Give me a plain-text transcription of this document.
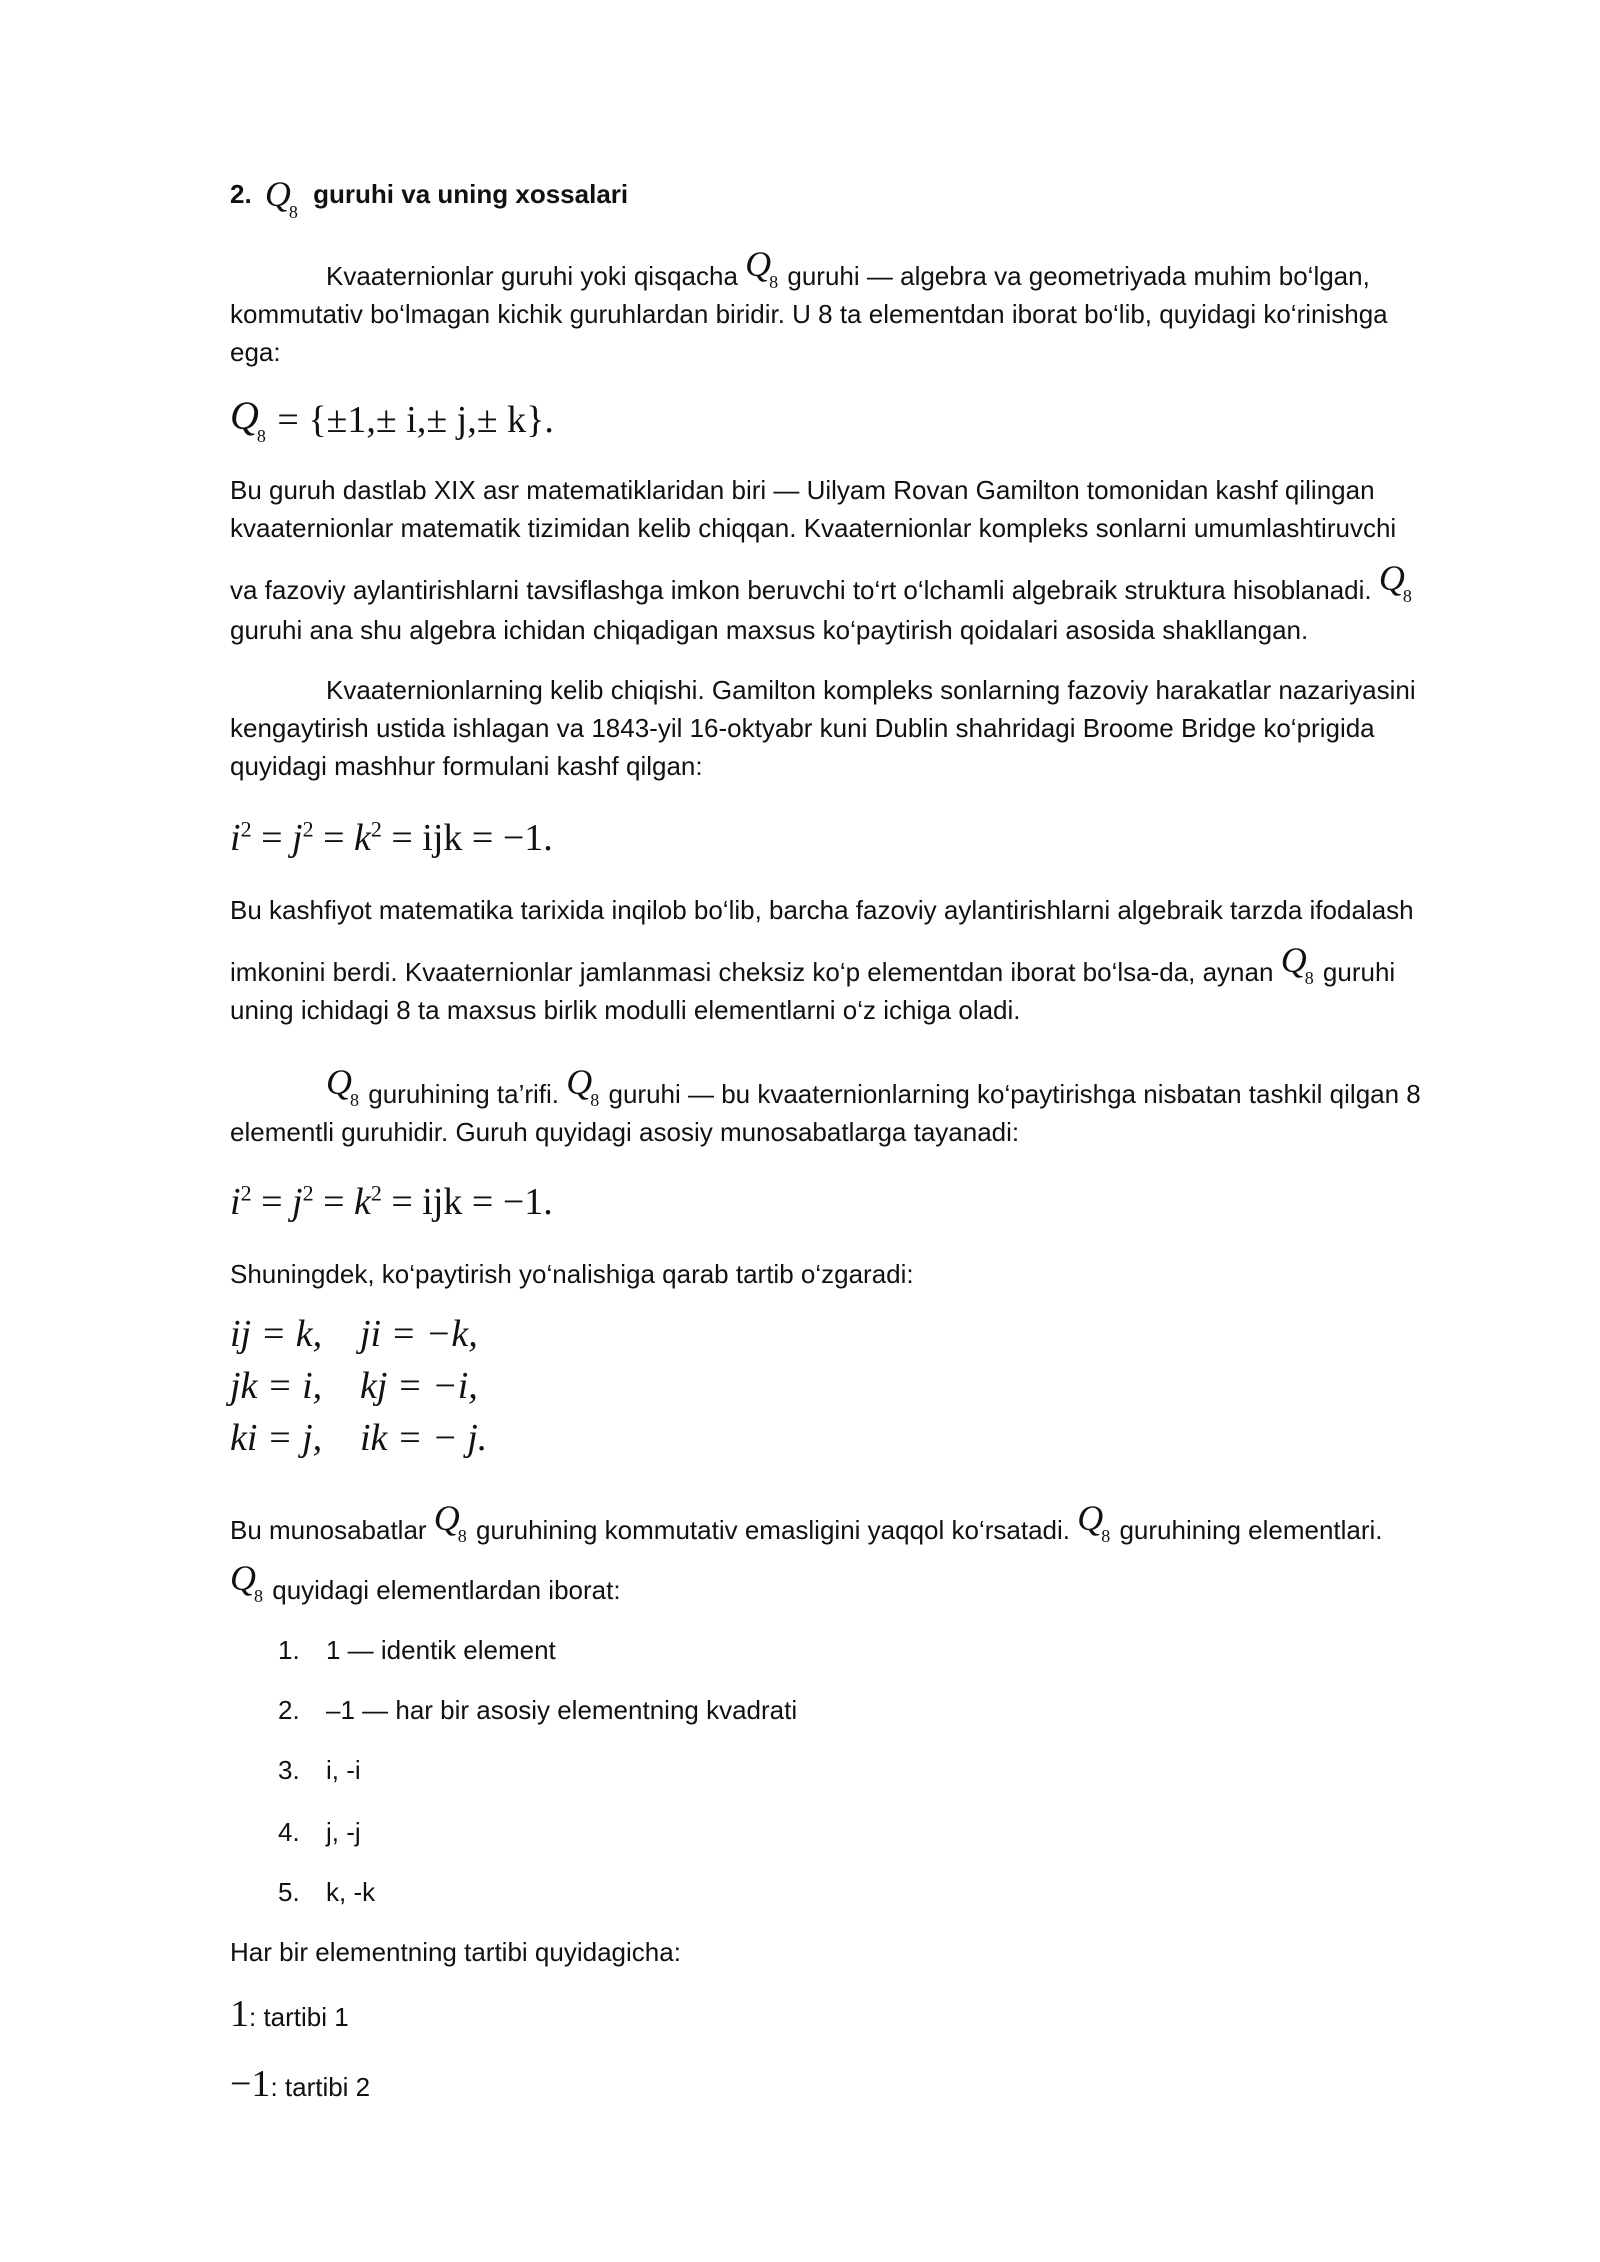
2. $Q_8$ guruhi va uning xossalari
Kvaaternionlar guruhi yoki qisqacha $Q_8$ guruhi — algebra va geometriyada muhim bo‘lgan,
kommutativ bo‘lmagan kichik guruhlardan biridir. U 8 ta elementdan iborat bo‘lib, quyidagi ko‘rinishga
ega:
$Q_8 = \{\pm 1,\pm i,\pm j,\pm k\}$.
Bu guruh dastlab XIX asr matematiklaridan biri — Uilyam Rovan Gamilton tomonidan kashf qilingan
kvaaternionlar matematik tizimidan kelib chiqqan. Kvaaternionlar kompleks sonlarni umumlashtiruvchi
va fazoviy aylantirishlarni tavsiflashga imkon beruvchi to‘rt o‘lchamli algebraik struktura hisoblanadi. $Q_8$
guruhi ana shu algebra ichidan chiqadigan maxsus ko‘paytirish qoidalari asosida shakllangan.
Kvaaternionlarning kelib chiqishi. Gamilton kompleks sonlarning fazoviy harakatlar nazariyasini
kengaytirish ustida ishlagan va 1843-yil 16-oktyabr kuni Dublin shahridagi Broome Bridge ko‘prigida
quyidagi mashhur formulani kashf qilgan:
$i^2 = j^2 = k^2$ = ijk = −1.
Bu kashfiyot matematika tarixida inqilob bo‘lib, barcha fazoviy aylantirishlarni algebraik tarzda ifodalash
imkonini berdi. Kvaaternionlar jamlanmasi cheksiz ko‘p elementdan iborat bo‘lsa-da, aynan $Q_8$ guruhi
uning ichidagi 8 ta maxsus birlik modulli elementlarni o‘z ichiga oladi.
$Q_8$ guruhining ta’rifi. $Q_8$ guruhi — bu kvaaternionlarning ko‘paytirishga nisbatan tashkil qilgan 8
elementli guruhidir. Guruh quyidagi asosiy munosabatlarga tayanadi:
$i^2 = j^2 = k^2$ = ijk = −1.
Shuningdek, ko‘paytirish yo‘nalishiga qarab tartib o‘zgaradi:
ij = k, ji = −k,
jk = i, kj = −i,
ki = j, ik = − j.
Bu munosabatlar $Q_8$ guruhining kommutativ emasligini yaqqol ko‘rsatadi. $Q_8$ guruhining elementlari.
$Q_8$ quyidagi elementlardan iborat:
1. 1 — identik element
2. –1 — har bir asosiy elementning kvadrati
3. i, -i
4. j, -j
5. k, -k
Har bir elementning tartibi quyidagicha:
1: tartibi 1
−1: tartibi 2
